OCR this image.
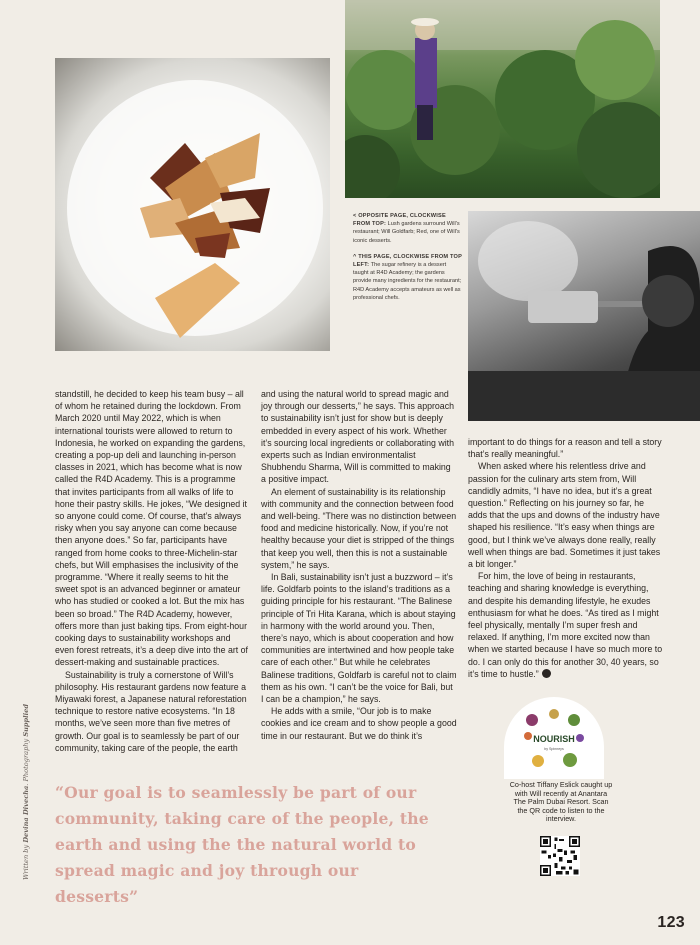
< OPPOSITE PAGE, CLOCKWISE FROM TOP: Lush gardens surround Will's restaurant; Will Goldfarb; Red, one of Will's iconic desserts.

^ THIS PAGE, CLOCKWISE FROM TOP LEFT: The sugar refinery is a dessert taught at R4D Academy; the gardens provide many ingredients for the restaurant; R4D Academy accepts amateurs as well as professional chefs.

standstill, he decided to keep his team busy – all of whom he retained during the lockdown. From March 2020 until May 2022, which is when international tourists were allowed to return to Indonesia, he worked on expanding the gardens, creating a pop-up deli and launching in-person classes in 2021, which has become what is now called the R4D Academy. This is a programme that invites participants from all walks of life to hone their pastry skills. He jokes, “We designed it so anyone could come. Of course, that’s always risky when you say anyone can come because then anyone does.” So far, participants have ranged from home cooks to three-Michelin-star chefs, but Will emphasises the inclusivity of the programme. “Where it really seems to hit the sweet spot is an advanced beginner or amateur who has studied or cooked a lot. But the mix has been so broad.” The R4D Academy, however, offers more than just baking tips. From eight-hour cooking days to sustainability workshops and even forest retreats, it’s a deep dive into the art of dessert-making and sustainable practices.

Sustainability is truly a cornerstone of Will’s philosophy. His restaurant gardens now feature a Miyawaki forest, a Japanese natural reforestation technique to restore native ecosystems. “In 18 months, we’ve seen more than five metres of growth. Our goal is to seamlessly be part of our community, taking care of the people, the earth

and using the natural world to spread magic and joy through our desserts,” he says. This approach to sustainability isn’t just for show but is deeply embedded in every aspect of his work. Whether it’s sourcing local ingredients or collaborating with experts such as Indian environmentalist Shubhendu Sharma, Will is committed to making a positive impact.

An element of sustainability is its relationship with community and the connection between food and well-being. “There was no distinction between food and medicine historically. Now, if you’re not healthy because your diet is stripped of the things that keep you well, then this is not a sustainable system,” he says.

In Bali, sustainability isn’t just a buzzword – it’s life. Goldfarb points to the island’s traditions as a guiding principle for his restaurant. “The Balinese principle of Tri Hita Karana, which is about staying in harmony with the world around you. Then, there’s nayo, which is about cooperation and how communities are intertwined and how people take care of each other.” But while he celebrates Balinese traditions, Goldfarb is careful not to claim them as his own. “I can’t be the voice for Bali, but I can be a champion,” he says.

He adds with a smile, “Our job is to make cookies and ice cream and to show people a good time in our restaurant. But we do think it’s

important to do things for a reason and tell a story that’s really meaningful.”

When asked where his relentless drive and passion for the culinary arts stem from, Will candidly admits, “I have no idea, but it’s a great question.” Reflecting on his journey so far, he adds that the ups and downs of the industry have shaped his resilience. “It’s easy when things are good, but I think we’ve always done really, really well when things are bad. Sometimes it just takes a bit longer.”

For him, the love of being in restaurants, teaching and sharing knowledge is everything, and despite his demanding lifestyle, he exudes enthusiasm for what he does. “As tired as I might feel physically, mentally I’m super fresh and relaxed. If anything, I’m more excited now than when we started because I have so much more to do. I can only do this for another 30, 40 years, so it’s time to hustle.”

“Our goal is to seamlessly be part of our community, taking care of the people, the earth and using the the natural world to spread magic and joy through our desserts”
Written by Devina Divecha. Photography Supplied
NOURISH
by Spinneys

Co-host Tiffany Eslick caught up with Will recently at Anantara The Palm Dubai Resort. Scan the QR code to listen to the interview.

123
